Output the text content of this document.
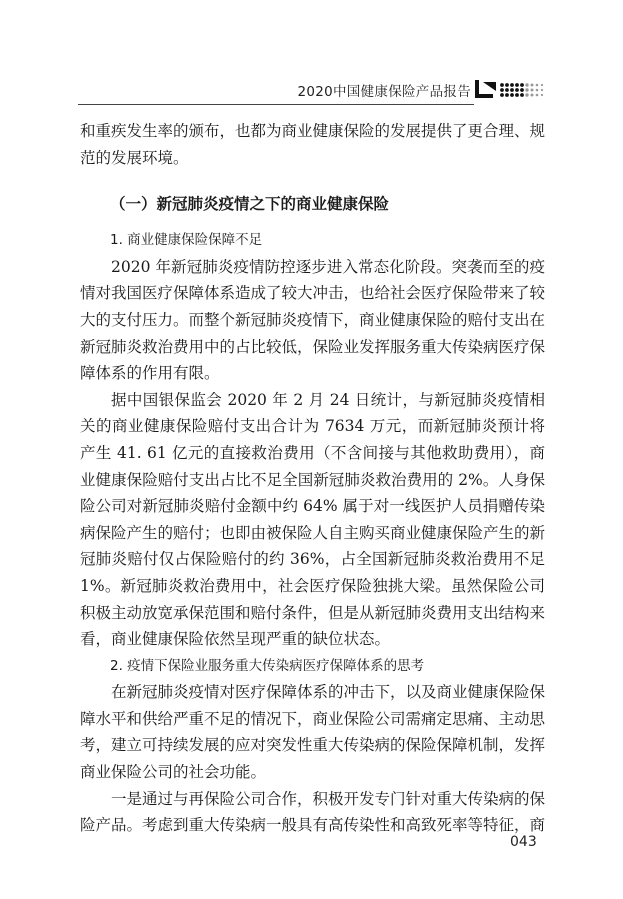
2020中国健康保险产品报告

和重疾发生率的颁布，也都为商业健康保险的发展提供了更合理、规范的发展环境。

（一）新冠肺炎疫情之下的商业健康保险
1. 商业健康保险保障不足

2020 年新冠肺炎疫情防控逐步进入常态化阶段。突袭而至的疫情对我国医疗保障体系造成了较大冲击，也给社会医疗保险带来了较大的支付压力。而整个新冠肺炎疫情下，商业健康保险的赔付支出在新冠肺炎救治费用中的占比较低，保险业发挥服务重大传染病医疗保障体系的作用有限。

据中国银保监会 2020 年 2 月 24 日统计，与新冠肺炎疫情相关的商业健康保险赔付支出合计为 7634 万元，而新冠肺炎预计将产生 41. 61 亿元的直接救治费用（不含间接与其他救助费用），商业健康保险赔付支出占比不足全国新冠肺炎救治费用的 2%。人身保险公司对新冠肺炎赔付金额中约 64% 属于对一线医护人员捐赠传染病保险产生的赔付；也即由被保险人自主购买商业健康保险产生的新冠肺炎赔付仅占保险赔付的约 36%，占全国新冠肺炎救治费用不足 1%。新冠肺炎救治费用中，社会医疗保险独挑大梁。虽然保险公司积极主动放宽承保范围和赔付条件，但是从新冠肺炎费用支出结构来看，商业健康保险依然呈现严重的缺位状态。

2. 疫情下保险业服务重大传染病医疗保障体系的思考

在新冠肺炎疫情对医疗保障体系的冲击下，以及商业健康保险保障水平和供给严重不足的情况下，商业保险公司需痛定思痛、主动思考，建立可持续发展的应对突发性重大传染病的保险保障机制，发挥商业保险公司的社会功能。

一是通过与再保险公司合作，积极开发专门针对重大传染病的保险产品。考虑到重大传染病一般具有高传染性和高致死率等特征，商

043
